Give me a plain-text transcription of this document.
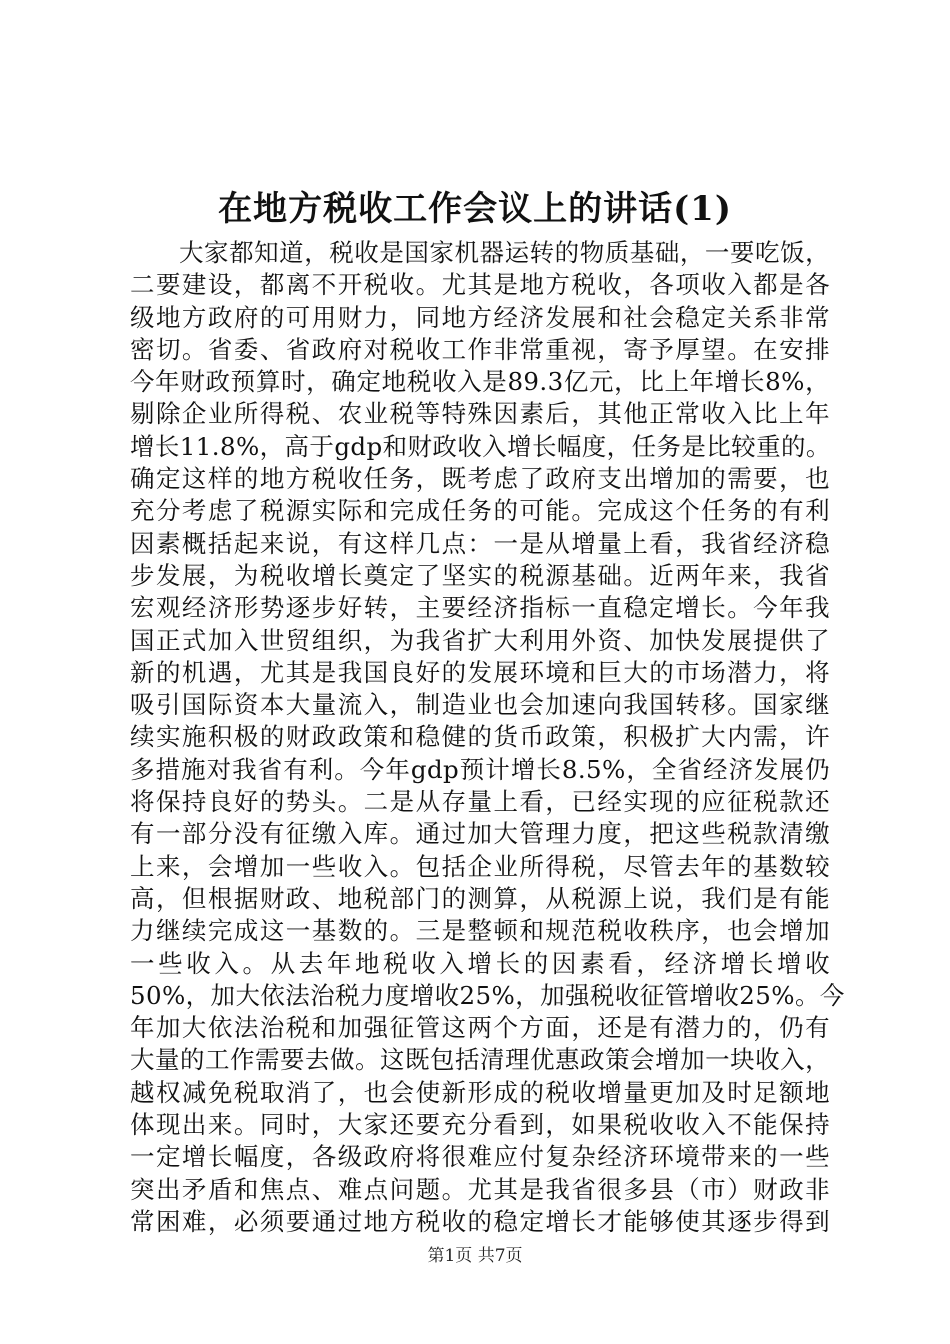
在地方税收工作会议上的讲话(1)
大家都知道，税收是国家机器运转的物质基础，一要吃饭，
二要建设，都离不开税收。尤其是地方税收，各项收入都是各
级地方政府的可用财力，同地方经济发展和社会稳定关系非常
密切。省委、省政府对税收工作非常重视，寄予厚望。在安排
今年财政预算时，确定地税收入是89.3亿元，比上年增长8%，
剔除企业所得税、农业税等特殊因素后，其他正常收入比上年
增长11.8%，高于gdp和财政收入增长幅度，任务是比较重的。
确定这样的地方税收任务，既考虑了政府支出增加的需要，也
充分考虑了税源实际和完成任务的可能。完成这个任务的有利
因素概括起来说，有这样几点：一是从增量上看，我省经济稳
步发展，为税收增长奠定了坚实的税源基础。近两年来，我省
宏观经济形势逐步好转，主要经济指标一直稳定增长。今年我
国正式加入世贸组织，为我省扩大利用外资、加快发展提供了
新的机遇，尤其是我国良好的发展环境和巨大的市场潜力，将
吸引国际资本大量流入，制造业也会加速向我国转移。国家继
续实施积极的财政政策和稳健的货币政策，积极扩大内需，许
多措施对我省有利。今年gdp预计增长8.5%，全省经济发展仍
将保持良好的势头。二是从存量上看，已经实现的应征税款还
有一部分没有征缴入库。通过加大管理力度，把这些税款清缴
上来，会增加一些收入。包括企业所得税，尽管去年的基数较
高，但根据财政、地税部门的测算，从税源上说，我们是有能
力继续完成这一基数的。三是整顿和规范税收秩序，也会增加
一些收入。从去年地税收入增长的因素看，经济增长增收
50%，加大依法治税力度增收25%，加强税收征管增收25%。今
年加大依法治税和加强征管这两个方面，还是有潜力的，仍有
大量的工作需要去做。这既包括清理优惠政策会增加一块收入，
越权减免税取消了，也会使新形成的税收增量更加及时足额地
体现出来。同时，大家还要充分看到，如果税收收入不能保持
一定增长幅度，各级政府将很难应付复杂经济环境带来的一些
突出矛盾和焦点、难点问题。尤其是我省很多县（市）财政非
常困难，必须要通过地方税收的稳定增长才能够使其逐步得到
第1页 共7页
